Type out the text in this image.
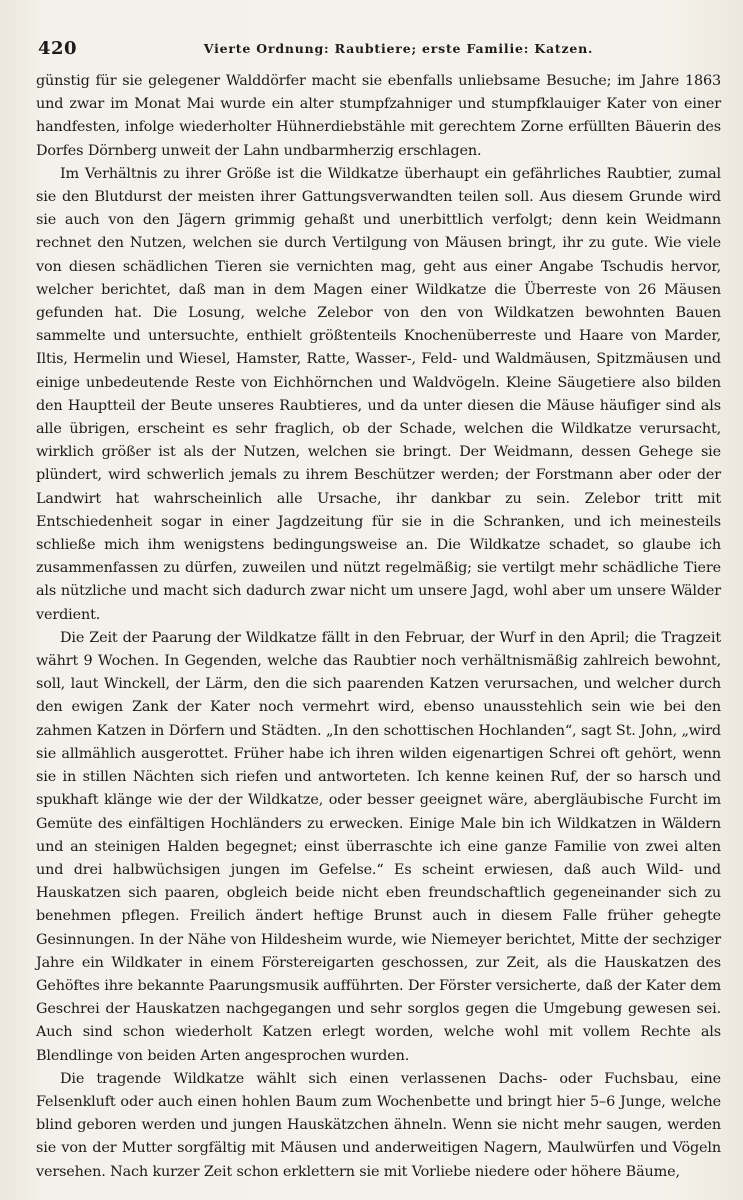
420	Vierte Ordnung: Raubtiere; erste Familie: Katzen.

günstig für sie gelegener Walddörfer macht sie ebenfalls unliebsame Besuche; im Jahre 1863 und zwar im Monat Mai wurde ein alter stumpfzahniger und stumpfklauiger Kater von einer handfesten, infolge wiederholter Hühnerdiebstähle mit gerechtem Zorne erfüllten Bäuerin des Dorfes Dörnberg unweit der Lahn undbarmherzig erschlagen.

Im Verhältnis zu ihrer Größe ist die Wildkatze überhaupt ein gefährliches Raubtier, zumal sie den Blutdurst der meisten ihrer Gattungsverwandten teilen soll. Aus diesem Grunde wird sie auch von den Jägern grimmig gehaßt und unerbittlich verfolgt; denn kein Weidmann rechnet den Nutzen, welchen sie durch Vertilgung von Mäusen bringt, ihr zu gute. Wie viele von diesen schädlichen Tieren sie vernichten mag, geht aus einer Angabe Tschudis hervor, welcher berichtet, daß man in dem Magen einer Wildkatze die Überreste von 26 Mäusen gefunden hat. Die Losung, welche Zelebor von den von Wildkatzen bewohnten Bauen sammelte und untersuchte, enthielt größtenteils Knochenüberreste und Haare von Marder, Iltis, Hermelin und Wiesel, Hamster, Ratte, Wasser-, Feld- und Waldmäusen, Spitzmäusen und einige unbedeutende Reste von Eichhörnchen und Waldvögeln. Kleine Säugetiere also bilden den Hauptteil der Beute unseres Raubtieres, und da unter diesen die Mäuse häufiger sind als alle übrigen, erscheint es sehr fraglich, ob der Schade, welchen die Wildkatze verursacht, wirklich größer ist als der Nutzen, welchen sie bringt. Der Weidmann, dessen Gehege sie plündert, wird schwerlich jemals zu ihrem Beschützer werden; der Forstmann aber oder der Landwirt hat wahrscheinlich alle Ursache, ihr dankbar zu sein. Zelebor tritt mit Entschiedenheit sogar in einer Jagdzeitung für sie in die Schranken, und ich meinesteils schließe mich ihm wenigstens bedingungsweise an. Die Wildkatze schadet, so glaube ich zusammenfassen zu dürfen, zuweilen und nützt regelmäßig; sie vertilgt mehr schädliche Tiere als nützliche und macht sich dadurch zwar nicht um unsere Jagd, wohl aber um unsere Wälder verdient.

Die Zeit der Paarung der Wildkatze fällt in den Februar, der Wurf in den April; die Tragzeit währt 9 Wochen. In Gegenden, welche das Raubtier noch verhältnismäßig zahlreich bewohnt, soll, laut Winckell, der Lärm, den die sich paarenden Katzen verursachen, und welcher durch den ewigen Zank der Kater noch vermehrt wird, ebenso unausstehlich sein wie bei den zahmen Katzen in Dörfern und Städten. „In den schottischen Hochlanden“, sagt St. John, „wird sie allmählich ausgerottet. Früher habe ich ihren wilden eigenartigen Schrei oft gehört, wenn sie in stillen Nächten sich riefen und antworteten. Ich kenne keinen Ruf, der so harsch und spukhaft klänge wie der der Wildkatze, oder besser geeignet wäre, abergläubische Furcht im Gemüte des einfältigen Hochländers zu erwecken. Einige Male bin ich Wildkatzen in Wäldern und an steinigen Halden begegnet; einst überraschte ich eine ganze Familie von zwei alten und drei halbwüchsigen jungen im Gefelse.“ Es scheint erwiesen, daß auch Wild- und Hauskatzen sich paaren, obgleich beide nicht eben freundschaftlich gegeneinander sich zu benehmen pflegen. Freilich ändert heftige Brunst auch in diesem Falle früher gehegte Gesinnungen. In der Nähe von Hildesheim wurde, wie Niemeyer berichtet, Mitte der sechziger Jahre ein Wildkater in einem Förstereigarten geschossen, zur Zeit, als die Hauskatzen des Gehöftes ihre bekannte Paarungsmusik aufführten. Der Förster versicherte, daß der Kater dem Geschrei der Hauskatzen nachgegangen und sehr sorglos gegen die Umgebung gewesen sei. Auch sind schon wiederholt Katzen erlegt worden, welche wohl mit vollem Rechte als Blendlinge von beiden Arten angesprochen wurden.

Die tragende Wildkatze wählt sich einen verlassenen Dachs- oder Fuchsbau, eine Felsenkluft oder auch einen hohlen Baum zum Wochenbette und bringt hier 5–6 Junge, welche blind geboren werden und jungen Hauskätzchen ähneln. Wenn sie nicht mehr saugen, werden sie von der Mutter sorgfältig mit Mäusen und anderweitigen Nagern, Maulwürfen und Vögeln versehen. Nach kurzer Zeit schon erklettern sie mit Vorliebe niedere oder höhere Bäume,
